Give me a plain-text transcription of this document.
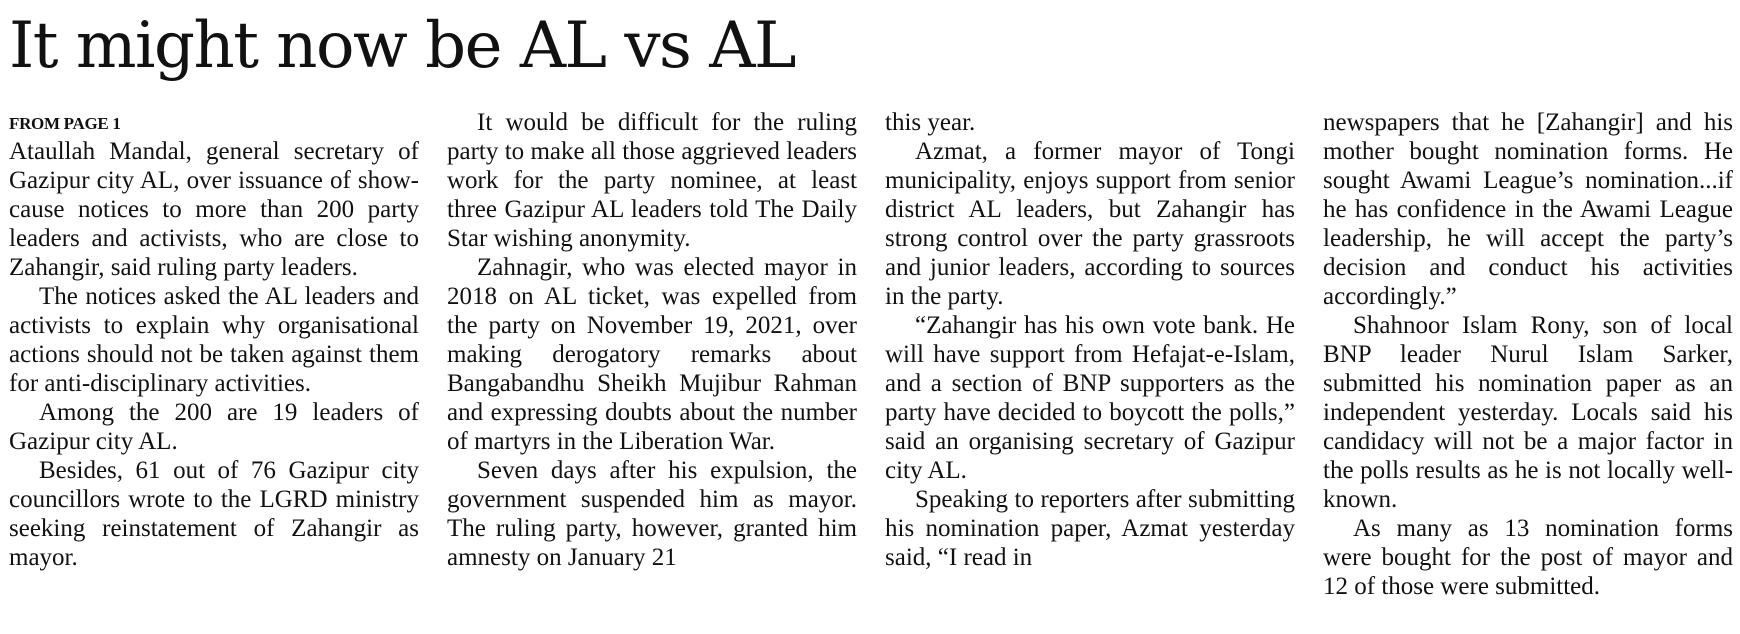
It might now be AL vs AL
FROM PAGE 1

Ataullah Mandal, general secretary of Gazipur city AL, over issuance of show-cause notices to more than 200 party leaders and activists, who are close to Zahangir, said ruling party leaders.

The notices asked the AL leaders and activists to explain why organisational actions should not be taken against them for anti-disciplinary activities.

Among the 200 are 19 leaders of Gazipur city AL.

Besides, 61 out of 76 Gazipur city councillors wrote to the LGRD ministry seeking reinstatement of Zahangir as mayor.

It would be difficult for the ruling party to make all those aggrieved leaders work for the party nominee, at least three Gazipur AL leaders told The Daily Star wishing anonymity.

Zahnagir, who was elected mayor in 2018 on AL ticket, was expelled from the party on November 19, 2021, over making derogatory remarks about Bangabandhu Sheikh Mujibur Rahman and expressing doubts about the number of martyrs in the Liberation War.

Seven days after his expulsion, the government suspended him as mayor. The ruling party, however, granted him amnesty on January 21

this year.

Azmat, a former mayor of Tongi municipality, enjoys support from senior district AL leaders, but Zahangir has strong control over the party grassroots and junior leaders, according to sources in the party.

“Zahangir has his own vote bank. He will have support from Hefajat-e-Islam, and a section of BNP supporters as the party have decided to boycott the polls,” said an organising secretary of Gazipur city AL.

Speaking to reporters after submitting his nomination paper, Azmat yesterday said, “I read in

newspapers that he [Zahangir] and his mother bought nomination forms. He sought Awami League’s nomination...if he has confidence in the Awami League leadership, he will accept the party’s decision and conduct his activities accordingly.”

Shahnoor Islam Rony, son of local BNP leader Nurul Islam Sarker, submitted his nomination paper as an independent yesterday. Locals said his candidacy will not be a major factor in the polls results as he is not locally well-known.

As many as 13 nomination forms were bought for the post of mayor and 12 of those were submitted.
